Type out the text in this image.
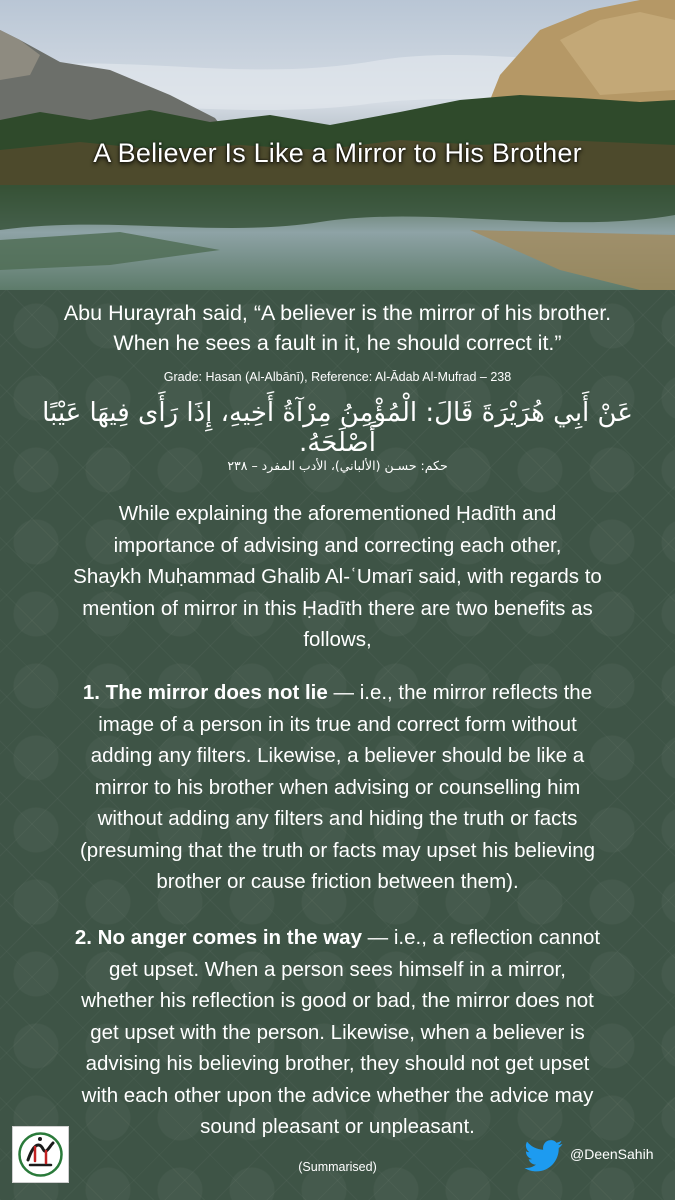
A Believer Is Like a Mirror to His Brother
Abu Hurayrah said, “A believer is the mirror of his brother.
When he sees a fault in it, he should correct it.”
Grade: Hasan (Al-Albānī), Reference: Al-Ādab Al-Mufrad – 238
عَنْ أَبِي هُرَيْرَةَ قَالَ: الْمُؤْمِنُ مِرْآةُ أَخِيهِ، إِذَا رَأَى فِيهَا عَيْبًا أَصْلَحَهُ.
حكم: حسـن (الألباني)، الأدب المفرد – ٢٣٨
While explaining the aforementioned Ḥadīth and
importance of advising and correcting each other,
Shaykh Muḥammad Ghalib Al-ʿUmarī said, with regards to
mention of mirror in this Ḥadīth there are two benefits as
follows,
1. The mirror does not lie — i.e., the mirror reflects the
image of a person in its true and correct form without
adding any filters. Likewise, a believer should be like a
mirror to his brother when advising or counselling him
without adding any filters and hiding the truth or facts
(presuming that the truth or facts may upset his believing
brother or cause friction between them).
2. No anger comes in the way — i.e., a reflection cannot
get upset. When a person sees himself in a mirror,
whether his reflection is good or bad, the mirror does not
get upset with the person. Likewise, when a believer is
advising his believing brother, they should not get upset
with each other upon the advice whether the advice may
sound pleasant or unpleasant.
(Summarised)
@DeenSahih
